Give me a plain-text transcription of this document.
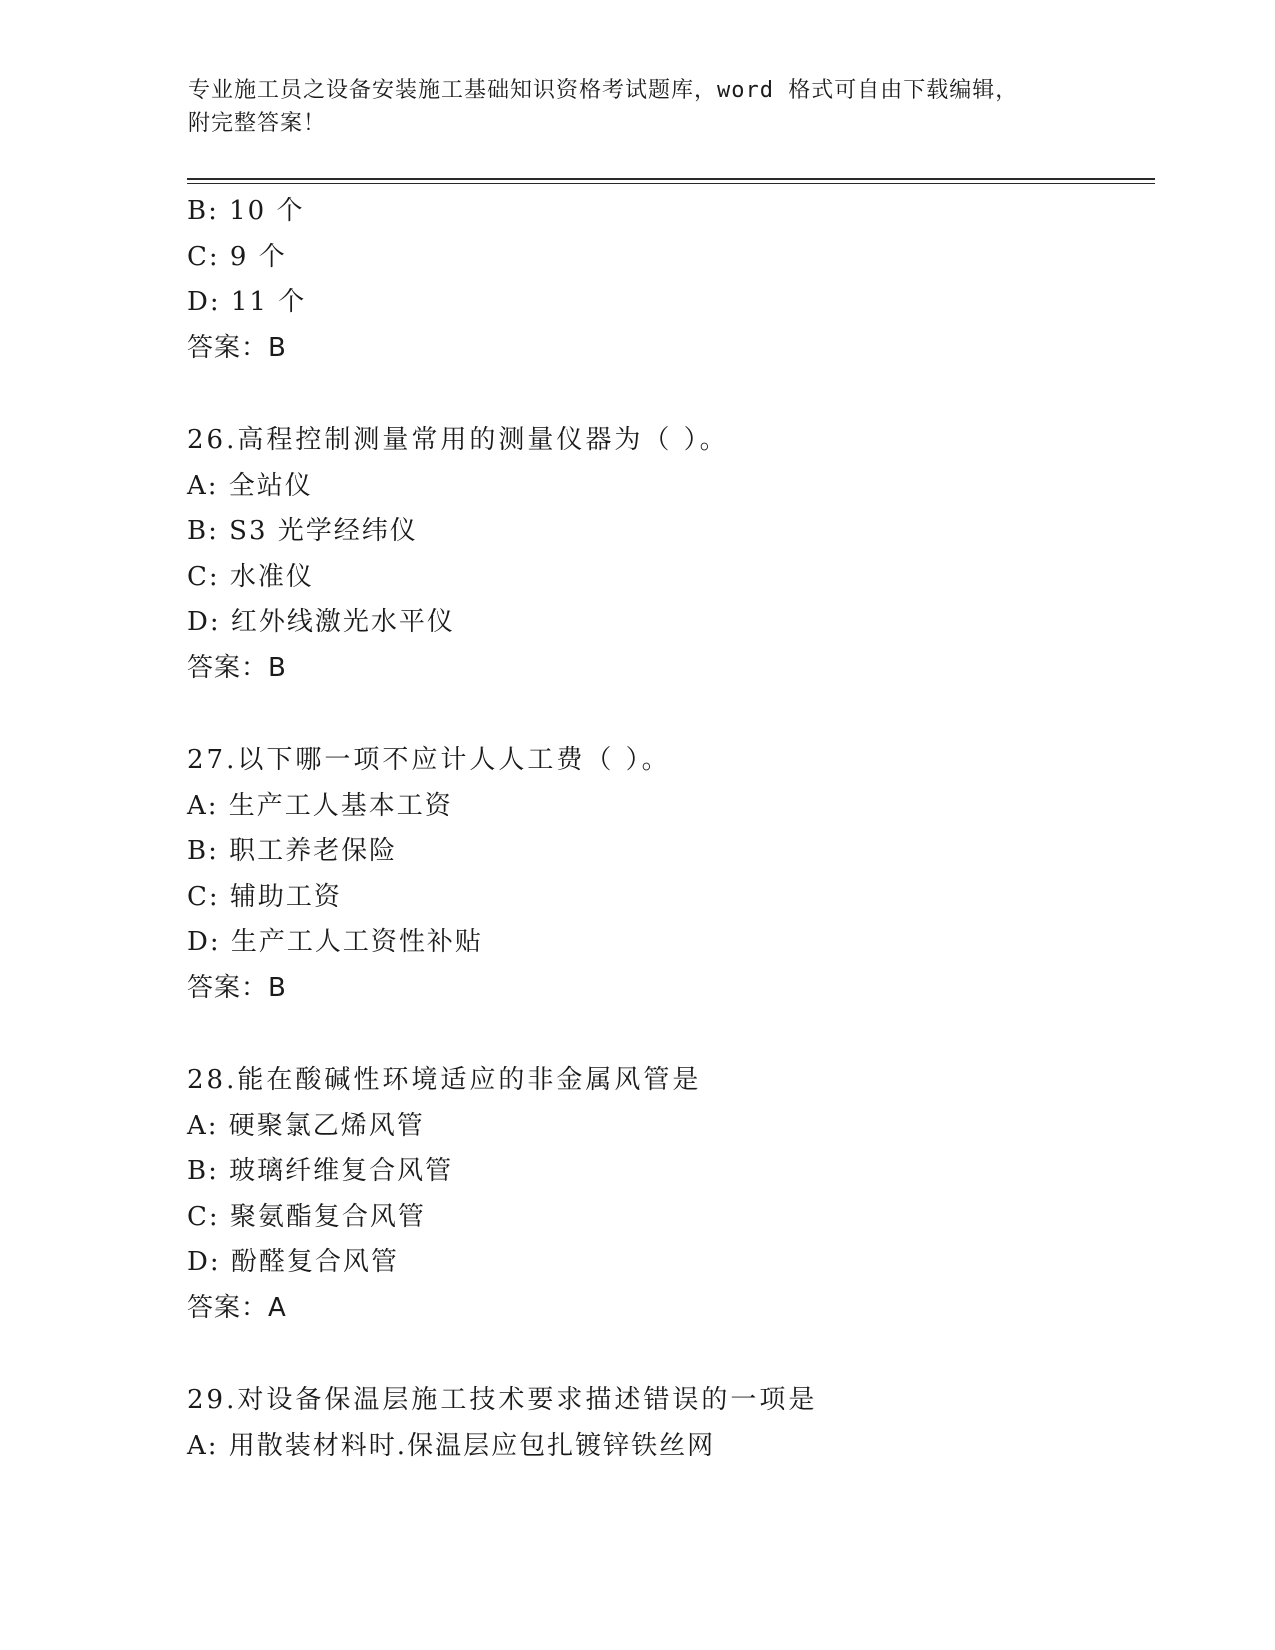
专业施工员之设备安装施工基础知识资格考试题库，word 格式可自由下载编辑，
附完整答案！
B: 10 个
C: 9 个
D: 11 个
答案：B
26.高程控制测量常用的测量仪器为（ ）。
A: 全站仪
B: S3 光学经纬仪
C: 水准仪
D: 红外线激光水平仪
答案：B
27.以下哪一项不应计人人工费（ ）。
A: 生产工人基本工资
B: 职工养老保险
C: 辅助工资
D: 生产工人工资性补贴
答案：B
28.能在酸碱性环境适应的非金属风管是
A: 硬聚氯乙烯风管
B: 玻璃纤维复合风管
C: 聚氨酯复合风管
D: 酚醛复合风管
答案：A
29.对设备保温层施工技术要求描述错误的一项是
A: 用散装材料时.保温层应包扎镀锌铁丝网
